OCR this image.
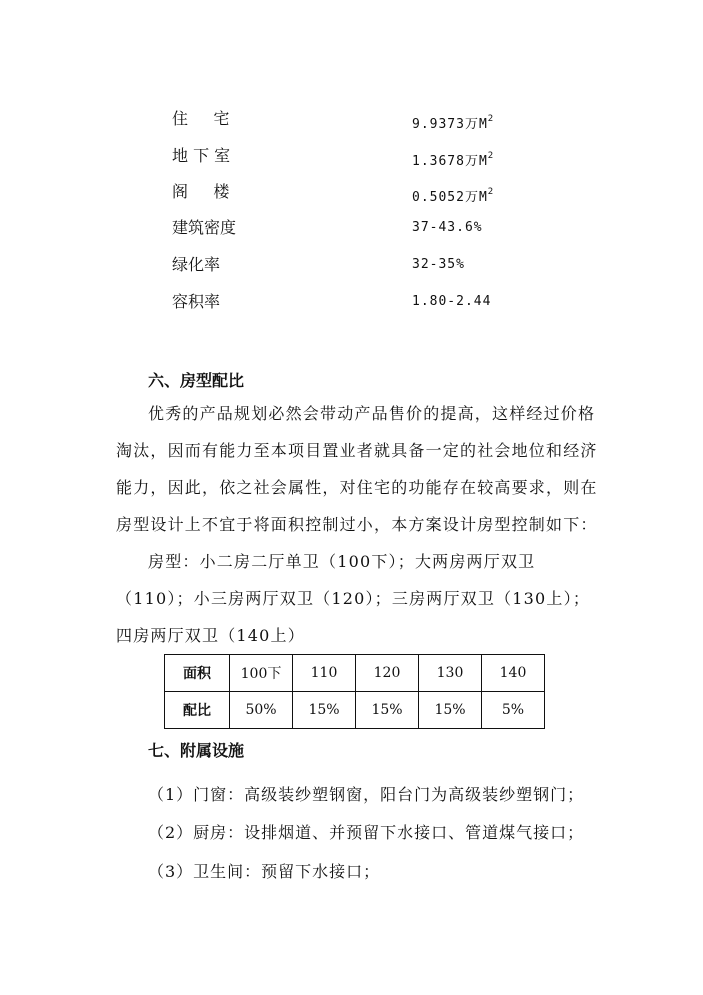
住     宅	9.9373万$M^2$
地 下 室	1.3678万$M^2$
阁     楼	0.5052万$M^2$
建筑密度	37-43.6%
绿化率	32-35%
容积率	1.80-2.44
六、房型配比
优秀的产品规划必然会带动产品售价的提高，这样经过价格淘汰，因而有能力至本项目置业者就具备一定的社会地位和经济能力，因此，依之社会属性，对住宅的功能存在较高要求，则在房型设计上不宜于将面积控制过小，本方案设计房型控制如下：
房型：小二房二厅单卫（100下）；大两房两厅双卫（110）；小三房两厅双卫（120）；三房两厅双卫（130上）；四房两厅双卫（140上）
面积	100下	110	120	130	140
配比	50%	15%	15%	15%	5%
七、附属设施
（1）门窗：高级装纱塑钢窗，阳台门为高级装纱塑钢门；
（2）厨房：设排烟道、并预留下水接口、管道煤气接口；
（3）卫生间：预留下水接口；
